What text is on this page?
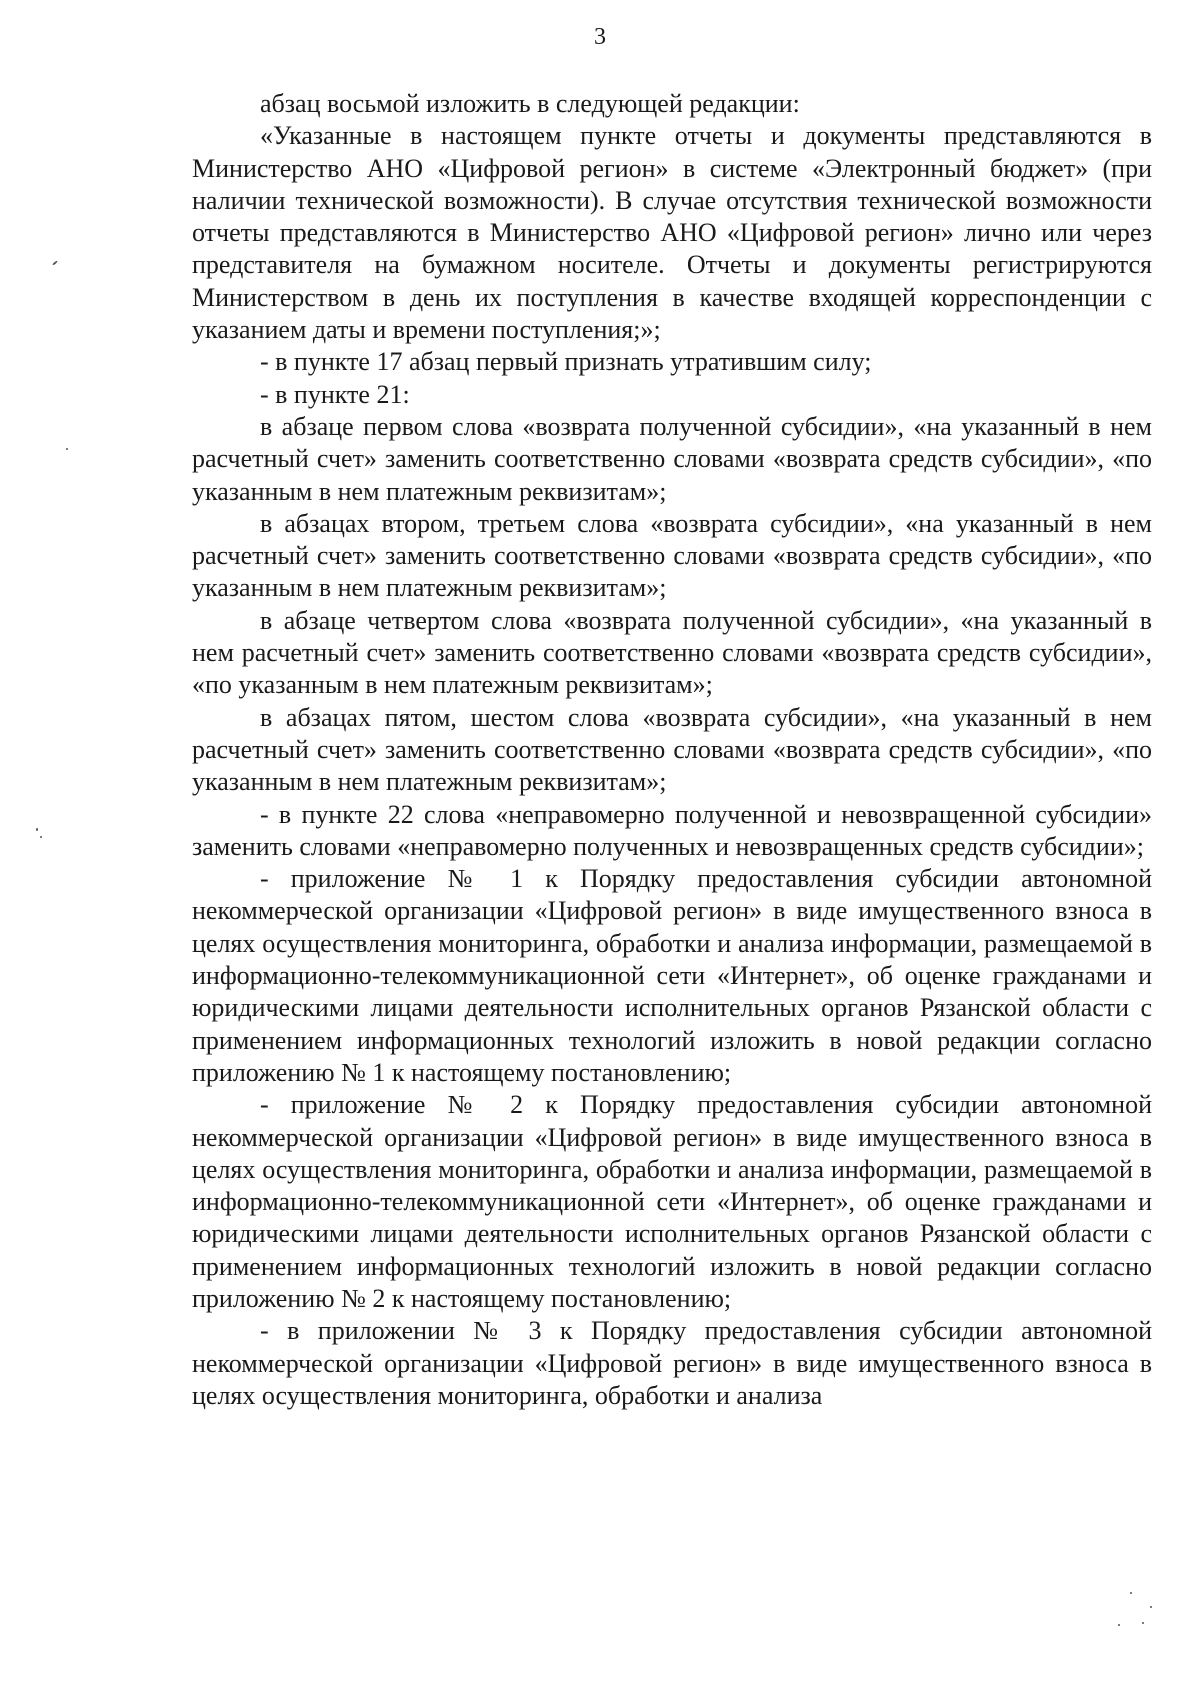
3

абзац восьмой изложить в следующей редакции:

«Указанные в настоящем пункте отчеты и документы представляются в Министерство АНО «Цифровой регион» в системе «Электронный бюджет» (при наличии технической возможности). В случае отсутствия технической возможности отчеты представляются в Министерство АНО «Цифровой регион» лично или через представителя на бумажном носителе. Отчеты и документы регистрируются Министерством в день их поступления в качестве входящей корреспонденции с указанием даты и времени поступления;»;

- в пункте 17 абзац первый признать утратившим силу;

- в пункте 21:

в абзаце первом слова «возврата полученной субсидии», «на указанный в нем расчетный счет» заменить соответственно словами «возврата средств субсидии», «по указанным в нем платежным реквизитам»;

в абзацах втором, третьем слова «возврата субсидии», «на указанный в нем расчетный счет» заменить соответственно словами «возврата средств субсидии», «по указанным в нем платежным реквизитам»;

в абзаце четвертом слова «возврата полученной субсидии», «на указанный в нем расчетный счет» заменить соответственно словами «возврата средств субсидии», «по указанным в нем платежным реквизитам»;

в абзацах пятом, шестом слова «возврата субсидии», «на указанный в нем расчетный счет» заменить соответственно словами «возврата средств субсидии», «по указанным в нем платежным реквизитам»;

- в пункте 22 слова «неправомерно полученной и невозвращенной субсидии» заменить словами «неправомерно полученных и невозвращенных средств субсидии»;

- приложение № 1 к Порядку предоставления субсидии автономной некоммерческой организации «Цифровой регион» в виде имущественного взноса в целях осуществления мониторинга, обработки и анализа информации, размещаемой в информационно-телекоммуникационной сети «Интернет», об оценке гражданами и юридическими лицами деятельности исполнительных органов Рязанской области с применением информационных технологий изложить в новой редакции согласно приложению № 1 к настоящему постановлению;

- приложение № 2 к Порядку предоставления субсидии автономной некоммерческой организации «Цифровой регион» в виде имущественного взноса в целях осуществления мониторинга, обработки и анализа информации, размещаемой в информационно-телекоммуникационной сети «Интернет», об оценке гражданами и юридическими лицами деятельности исполнительных органов Рязанской области с применением информационных технологий изложить в новой редакции согласно приложению № 2 к настоящему постановлению;

- в приложении № 3 к Порядку предоставления субсидии автономной некоммерческой организации «Цифровой регион» в виде имущественного взноса в целях осуществления мониторинга, обработки и анализа
